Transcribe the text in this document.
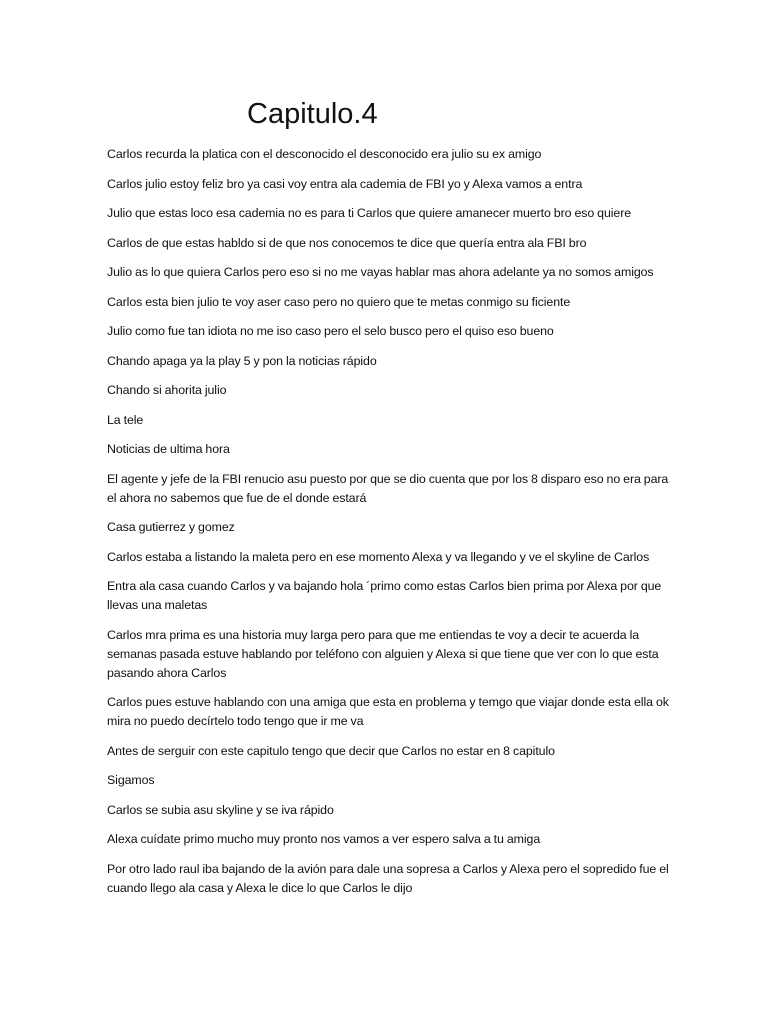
Capitulo.4

Carlos recurda la platica con el desconocido el desconocido era julio su ex amigo

Carlos julio estoy feliz bro ya casi voy entra ala cademia de FBI yo y Alexa vamos a entra

Julio que estas loco esa cademia no es para ti Carlos que quiere amanecer muerto bro eso quiere

Carlos de que estas habldo si de que nos conocemos te dice que quería entra ala FBI bro

Julio as lo que quiera Carlos pero eso si no me vayas hablar mas ahora adelante ya no somos amigos

Carlos esta bien julio te voy aser caso pero no quiero que te metas conmigo su ficiente

Julio como fue tan idiota no me iso caso pero el selo busco pero el quiso eso bueno

Chando apaga ya la play 5 y pon la noticias rápido

Chando si ahorita julio

La tele

Noticias de ultima hora

El agente y jefe de la FBI renucio asu puesto por que se dio cuenta que por los 8 disparo eso no era para el ahora no sabemos que fue de el donde estará

Casa gutierrez y gomez

Carlos estaba a listando la maleta pero en ese momento Alexa y va llegando y ve el skyline de Carlos

Entra ala casa cuando Carlos y va bajando hola ´primo como estas Carlos bien prima por Alexa por que llevas una maletas

Carlos mra prima es una historia muy larga pero para que me entiendas te voy a decir te acuerda la semanas pasada estuve hablando por teléfono con alguien y Alexa si que tiene que ver con lo que esta pasando ahora Carlos

Carlos pues estuve hablando con una amiga que esta en problema y temgo que viajar donde esta ella ok mira no puedo decírtelo todo tengo que ir me va

Antes de serguir con este capitulo tengo que decir que Carlos no estar en 8 capitulo

Sigamos

Carlos se subia asu skyline y se iva rápido

Alexa cuídate primo mucho muy pronto nos vamos a ver espero salva a tu amiga

Por otro lado raul iba bajando de la avión para dale una sopresa a Carlos y Alexa pero el sopredido fue el cuando llego ala casa y Alexa le dice lo que Carlos le dijo
